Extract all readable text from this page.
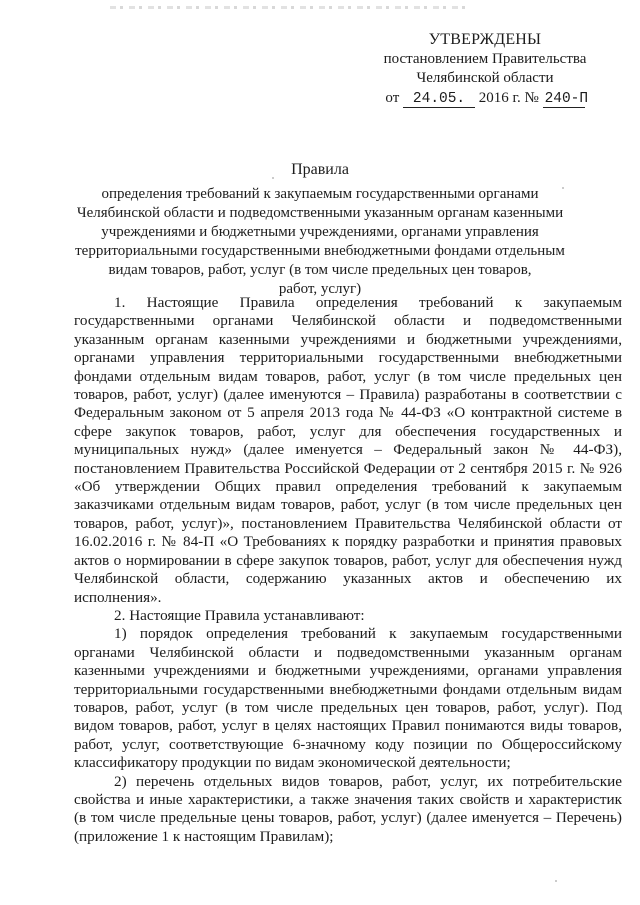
УТВЕРЖДЕНЫ
постановлением Правительства
Челябинской области
от 24.05. 2016 г. № 240-П
Правила
определения требований к закупаемым государственными органами
Челябинской области и подведомственными указанным органам казенными
учреждениями и бюджетными учреждениями, органами управления
территориальными государственными внебюджетными фондами отдельным
видам товаров, работ, услуг (в том числе предельных цен товаров,
работ, услуг)

1. Настоящие Правила определения требований к закупаемым государственными органами Челябинской области и подведомственными указанным органам казенными учреждениями и бюджетными учреждениями, органами управления территориальными государственными внебюджетными фондами отдельным видам товаров, работ, услуг (в том числе предельных цен товаров, работ, услуг) (далее именуются – Правила) разработаны в соответствии с Федеральным законом от 5 апреля 2013 года № 44-ФЗ «О контрактной системе в сфере закупок товаров, работ, услуг для обеспечения государственных и муниципальных нужд» (далее именуется – Федеральный закон № 44-ФЗ), постановлением Правительства Российской Федерации от 2 сентября 2015 г. № 926 «Об утверждении Общих правил определения требований к закупаемым заказчиками отдельным видам товаров, работ, услуг (в том числе предельных цен товаров, работ, услуг)», постановлением Правительства Челябинской области от 16.02.2016 г. № 84-П «О Требованиях к порядку разработки и принятия правовых актов о нормировании в сфере закупок товаров, работ, услуг для обеспечения нужд Челябинской области, содержанию указанных актов и обеспечению их исполнения».

2. Настоящие Правила устанавливают:

1) порядок определения требований к закупаемым государственными органами Челябинской области и подведомственными указанным органам казенными учреждениями и бюджетными учреждениями, органами управления территориальными государственными внебюджетными фондами отдельным видам товаров, работ, услуг (в том числе предельных цен товаров, работ, услуг). Под видом товаров, работ, услуг в целях настоящих Правил понимаются виды товаров, работ, услуг, соответствующие 6-значному коду позиции по Общероссийскому классификатору продукции по видам экономической деятельности;

2) перечень отдельных видов товаров, работ, услуг, их потребительские свойства и иные характеристики, а также значения таких свойств и характеристик (в том числе предельные цены товаров, работ, услуг) (далее именуется – Перечень) (приложение 1 к настоящим Правилам);
